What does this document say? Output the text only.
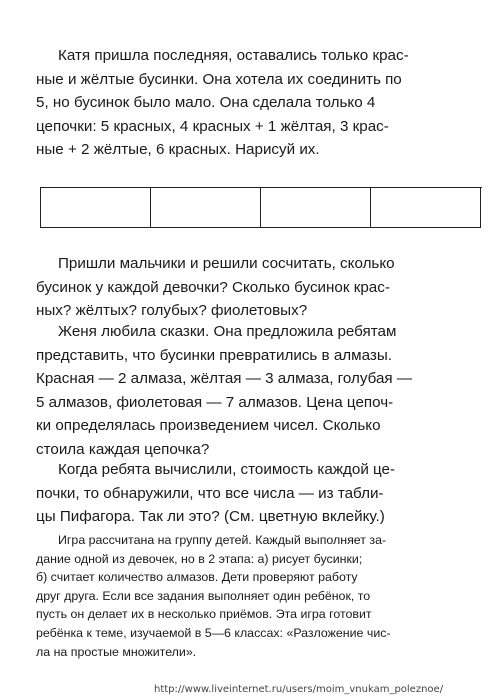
Катя пришла последняя, оставались только крас-
ные и жёлтые бусинки. Она хотела их соединить по
5, но бусинок было мало. Она сделала только 4
цепочки: 5 красных, 4 красных + 1 жёлтая, 3 крас-
ные + 2 жёлтые, 6 красных. Нарисуй их.
Пришли мальчики и решили сосчитать, сколько
бусинок у каждой девочки? Сколько бусинок крас-
ных? жёлтых? голубых? фиолетовых?
Женя любила сказки. Она предложила ребятам
представить, что бусинки превратились в алмазы.
Красная — 2 алмаза, жёлтая — 3 алмаза, голубая —
5 алмазов, фиолетовая — 7 алмазов. Цена цепоч-
ки определялась произведением чисел. Сколько
стоила каждая цепочка?
Когда ребята вычислили, стоимость каждой це-
почки, то обнаружили, что все числа — из табли-
цы Пифагора. Так ли это? (См. цветную вклейку.)
Игра рассчитана на группу детей. Каждый выполняет за-
дание одной из девочек, но в 2 этапа: а) рисует бусинки;
б) считает количество алмазов. Дети проверяют работу
друг друга. Если все задания выполняет один ребёнок, то
пусть он делает их в несколько приёмов. Эта игра готовит
ребёнка к теме, изучаемой в 5—6 классах: «Разложение чис-
ла на простые множители».
http://www.liveinternet.ru/users/moim_vnukam_poleznoe/
